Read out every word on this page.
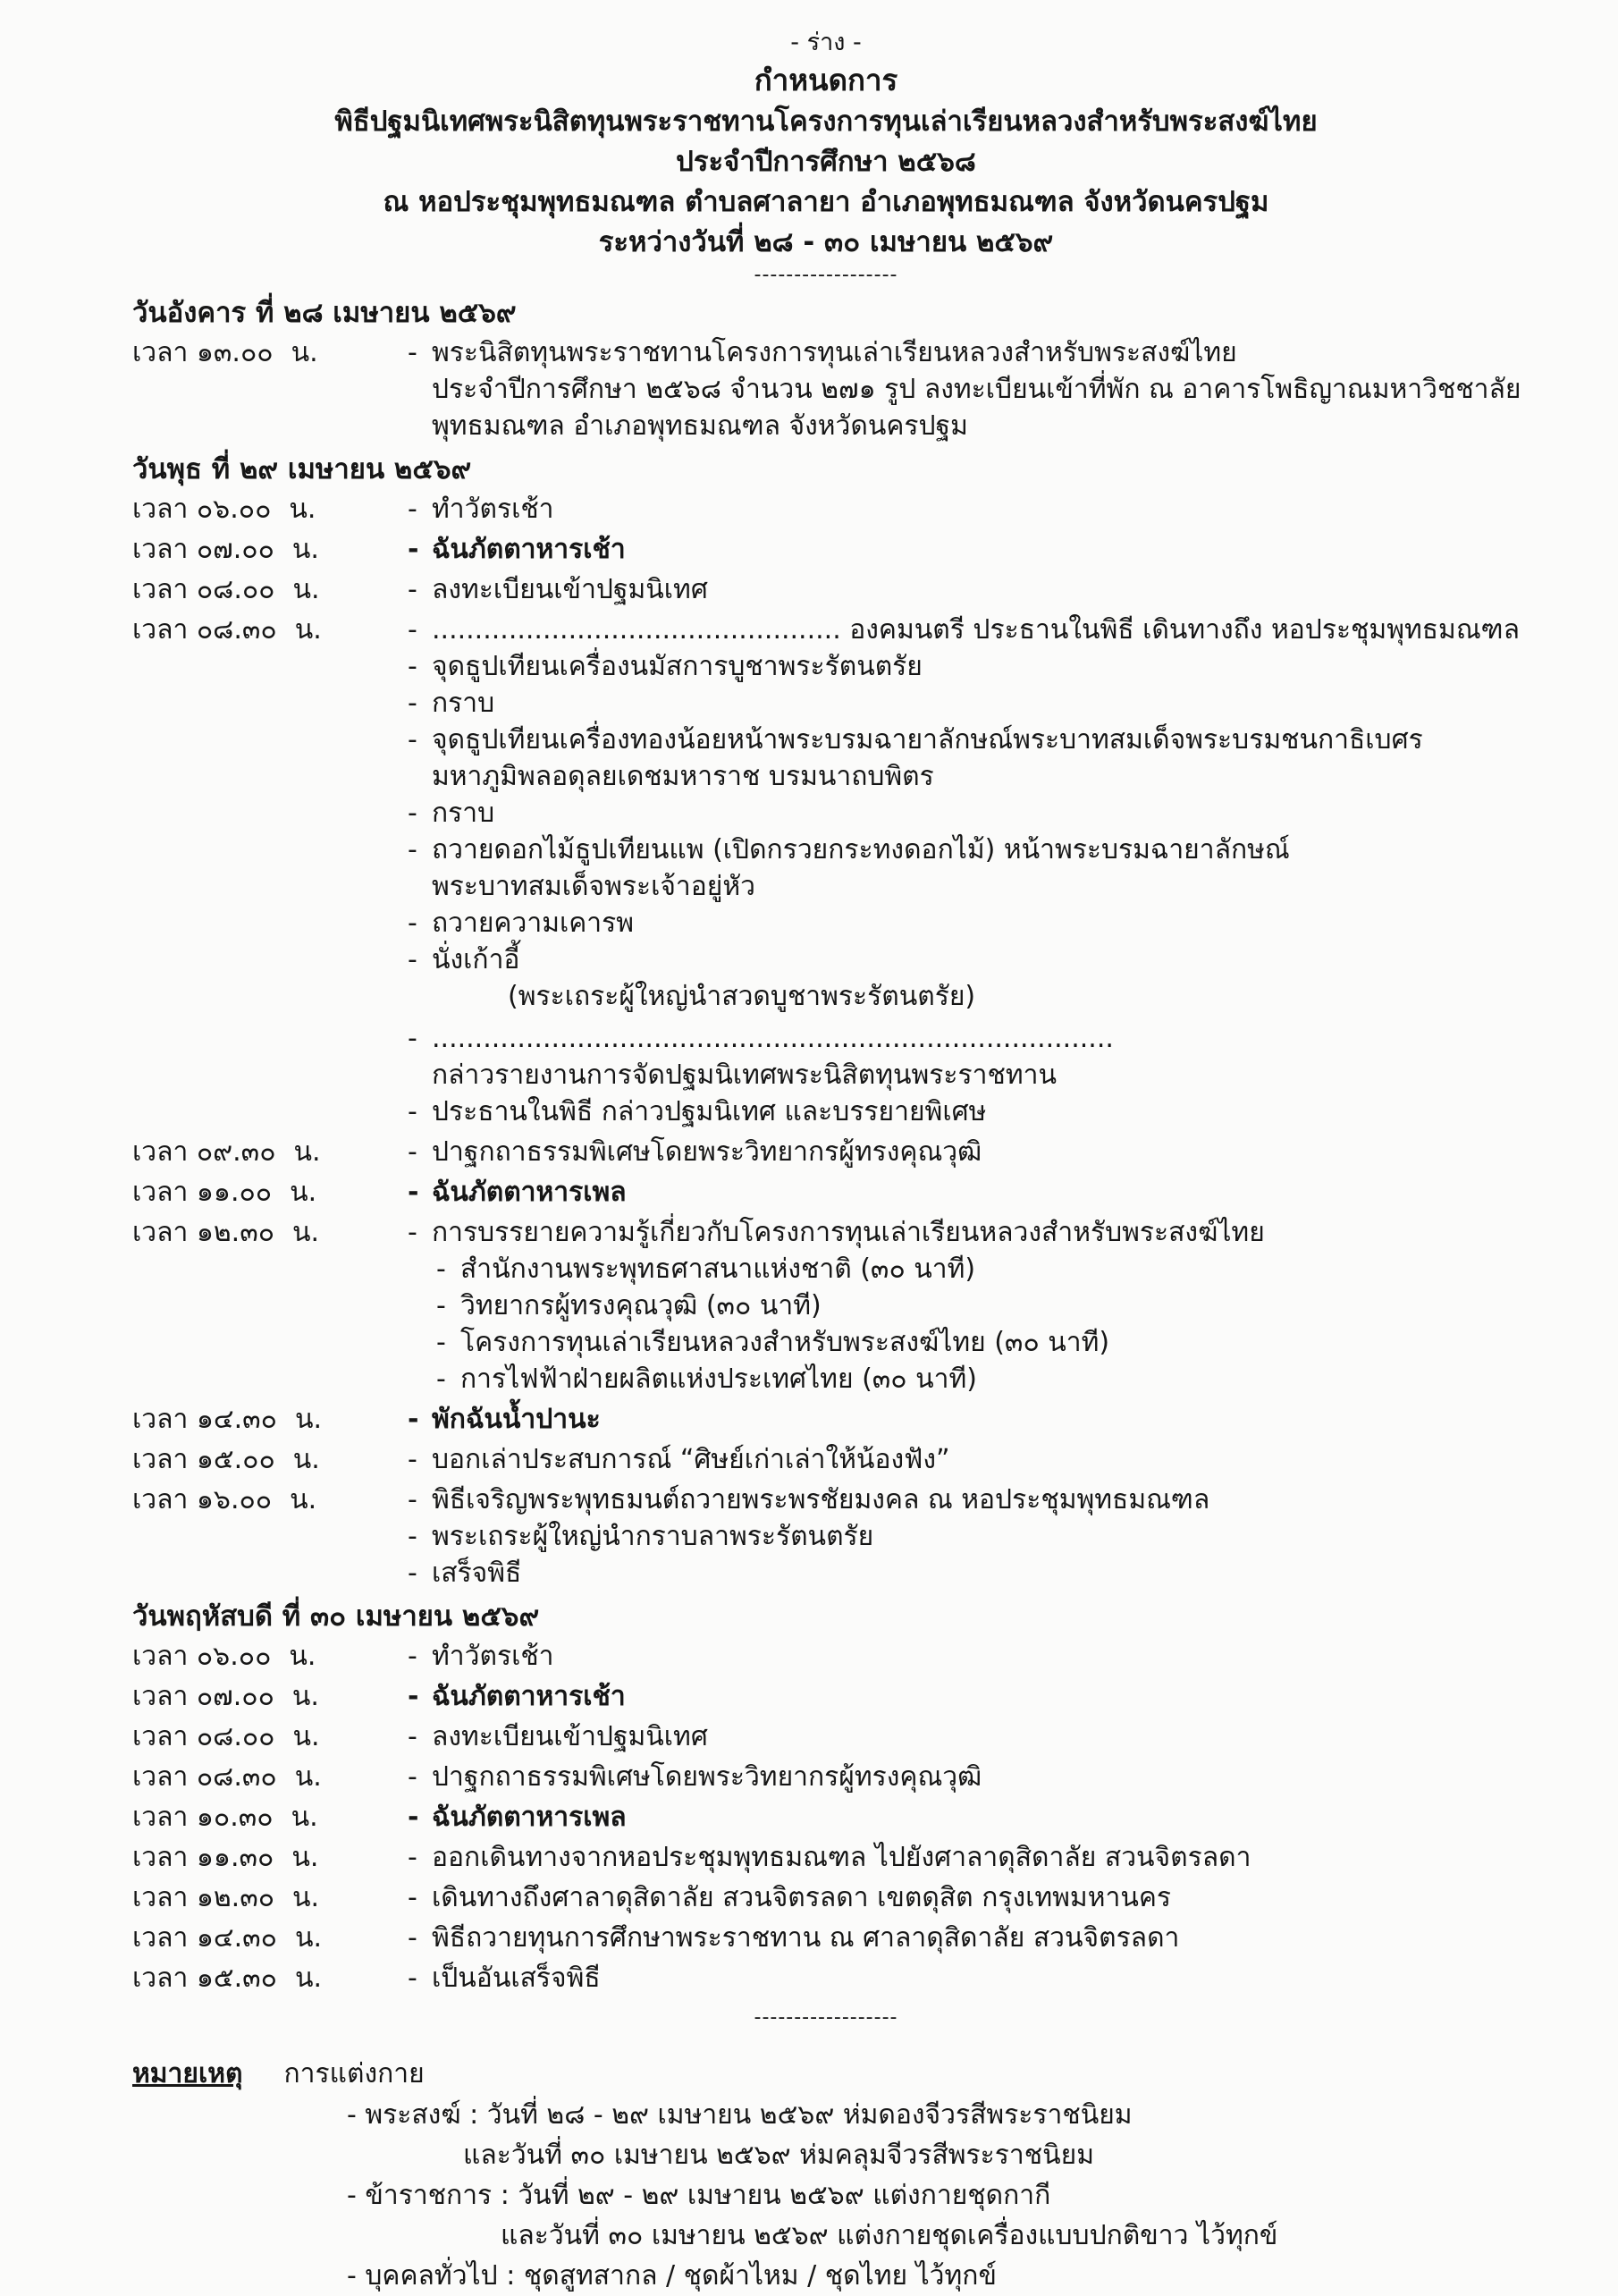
- ร่าง -
กำหนดการ
พิธีปฐมนิเทศพระนิสิตทุนพระราชทานโครงการทุนเล่าเรียนหลวงสำหรับพระสงฆ์ไทย
ประจำปีการศึกษา ๒๕๖๘
ณ หอประชุมพุทธมณฑล ตำบลศาลายา อำเภอพุทธมณฑล จังหวัดนครปฐม
ระหว่างวันที่ ๒๘ - ๓๐ เมษายน ๒๕๖๙
------------------
วันอังคาร ที่ ๒๘ เมษายน ๒๕๖๙
เวลา ๑๓.๐๐ น.	- พระนิสิตทุนพระราชทานโครงการทุนเล่าเรียนหลวงสำหรับพระสงฆ์ไทย
ประจำปีการศึกษา ๒๕๖๘ จำนวน ๒๗๑ รูป ลงทะเบียนเข้าที่พัก ณ อาคารโพธิญาณมหาวิชชาลัย
พุทธมณฑล อำเภอพุทธมณฑล จังหวัดนครปฐม
วันพุธ ที่ ๒๙ เมษายน ๒๕๖๙
เวลา ๐๖.๐๐ น.	- ทำวัตรเช้า
เวลา ๐๗.๐๐ น.	- ฉันภัตตาหารเช้า
เวลา ๐๘.๐๐ น.	- ลงทะเบียนเข้าปฐมนิเทศ
เวลา ๐๘.๓๐ น.	- ................................................ องคมนตรี ประธานในพิธี เดินทางถึง หอประชุมพุทธมณฑล
- จุดธูปเทียนเครื่องนมัสการบูชาพระรัตนตรัย
- กราบ
- จุดธูปเทียนเครื่องทองน้อยหน้าพระบรมฉายาลักษณ์พระบาทสมเด็จพระบรมชนกาธิเบศร
มหาภูมิพลอดุลยเดชมหาราช บรมนาถบพิตร
- กราบ
- ถวายดอกไม้ธูปเทียนแพ (เปิดกรวยกระทงดอกไม้) หน้าพระบรมฉายาลักษณ์
พระบาทสมเด็จพระเจ้าอยู่หัว
- ถวายความเคารพ
- นั่งเก้าอี้
(พระเถระผู้ใหญ่นำสวดบูชาพระรัตนตรัย)
- ................................................................................
กล่าวรายงานการจัดปฐมนิเทศพระนิสิตทุนพระราชทาน
- ประธานในพิธี กล่าวปฐมนิเทศ และบรรยายพิเศษ
เวลา ๐๙.๓๐ น.	- ปาฐกถาธรรมพิเศษโดยพระวิทยากรผู้ทรงคุณวุฒิ
เวลา ๑๑.๐๐ น.	- ฉันภัตตาหารเพล
เวลา ๑๒.๓๐ น.	- การบรรยายความรู้เกี่ยวกับโครงการทุนเล่าเรียนหลวงสำหรับพระสงฆ์ไทย
- สำนักงานพระพุทธศาสนาแห่งชาติ (๓๐ นาที)
- วิทยากรผู้ทรงคุณวุฒิ (๓๐ นาที)
- โครงการทุนเล่าเรียนหลวงสำหรับพระสงฆ์ไทย (๓๐ นาที)
- การไฟฟ้าฝ่ายผลิตแห่งประเทศไทย (๓๐ นาที)
เวลา ๑๔.๓๐ น.	- พักฉันน้ำปานะ
เวลา ๑๕.๐๐ น.	- บอกเล่าประสบการณ์ “ศิษย์เก่าเล่าให้น้องฟัง”
เวลา ๑๖.๐๐ น.	- พิธีเจริญพระพุทธมนต์ถวายพระพรชัยมงคล ณ หอประชุมพุทธมณฑล
- พระเถระผู้ใหญ่นำกราบลาพระรัตนตรัย
- เสร็จพิธี
วันพฤหัสบดี ที่ ๓๐ เมษายน ๒๕๖๙
เวลา ๐๖.๐๐ น.	- ทำวัตรเช้า
เวลา ๐๗.๐๐ น.	- ฉันภัตตาหารเช้า
เวลา ๐๘.๐๐ น.	- ลงทะเบียนเข้าปฐมนิเทศ
เวลา ๐๘.๓๐ น.	- ปาฐกถาธรรมพิเศษโดยพระวิทยากรผู้ทรงคุณวุฒิ
เวลา ๑๐.๓๐ น.	- ฉันภัตตาหารเพล
เวลา ๑๑.๓๐ น.	- ออกเดินทางจากหอประชุมพุทธมณฑล ไปยังศาลาดุสิดาลัย สวนจิตรลดา
เวลา ๑๒.๓๐ น.	- เดินทางถึงศาลาดุสิดาลัย สวนจิตรลดา เขตดุสิต กรุงเทพมหานคร
เวลา ๑๔.๓๐ น.	- พิธีถวายทุนการศึกษาพระราชทาน ณ ศาลาดุสิดาลัย สวนจิตรลดา
เวลา ๑๕.๓๐ น.	- เป็นอันเสร็จพิธี
------------------
หมายเหตุ การแต่งกาย
- พระสงฆ์ : วันที่ ๒๘ - ๒๙ เมษายน ๒๕๖๙ ห่มดองจีวรสีพระราชนิยม
และวันที่ ๓๐ เมษายน ๒๕๖๙ ห่มคลุมจีวรสีพระราชนิยม
- ข้าราชการ : วันที่ ๒๙ - ๒๙ เมษายน ๒๕๖๙ แต่งกายชุดกากี
และวันที่ ๓๐ เมษายน ๒๕๖๙ แต่งกายชุดเครื่องแบบปกติขาว ไว้ทุกข์
- บุคคลทั่วไป : ชุดสูทสากล / ชุดผ้าไหม / ชุดไทย ไว้ทุกข์
